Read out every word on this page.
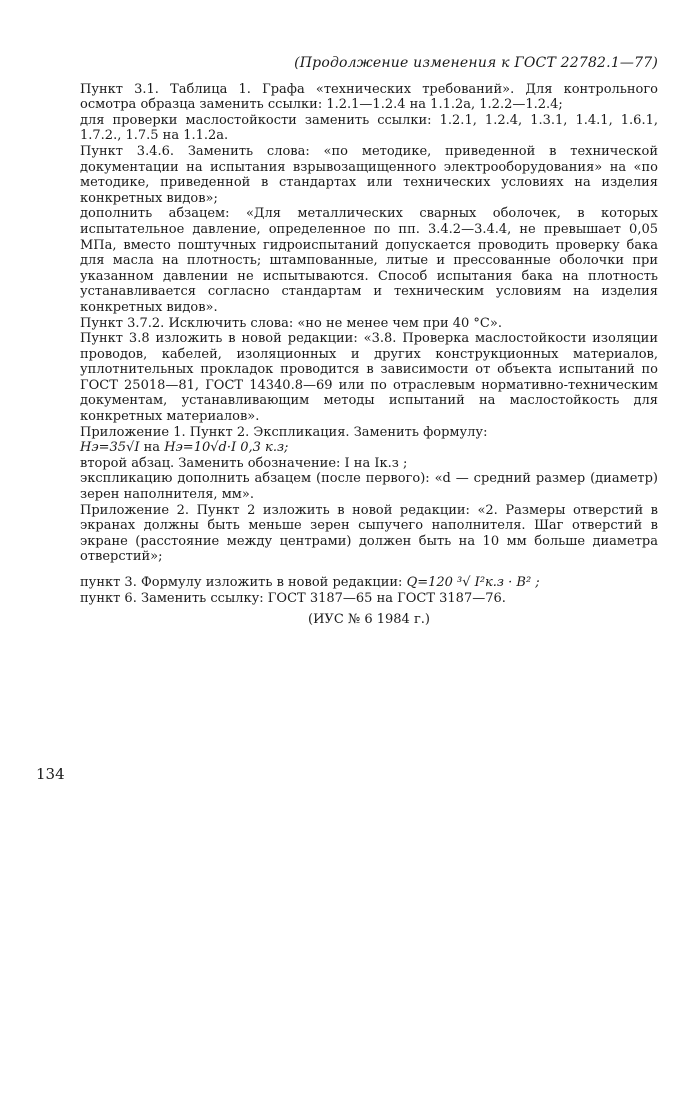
(Продолжение изменения к ГОСТ 22782.1—77)

Пункт 3.1. Таблица 1. Графа «технических требований». Для контрольного осмотра образца заменить ссылки: 1.2.1—1.2.4 на 1.1.2а, 1.2.2—1.2.4;

для проверки маслостойкости заменить ссылки: 1.2.1, 1.2.4, 1.3.1, 1.4.1, 1.6.1, 1.7.2., 1.7.5 на 1.1.2а.

Пункт 3.4.6. Заменить слова: «по методике, приведенной в технической документации на испытания взрывозащищенного электрооборудования» на «по методике, приведенной в стандартах или технических условиях на изделия конкретных видов»;

дополнить абзацем: «Для металлических сварных оболочек, в которых испытательное давление, определенное по пп. 3.4.2—3.4.4, не превышает 0,05 МПа, вместо поштучных гидроиспытаний допускается проводить проверку бака для масла на плотность; штампованные, литые и прессованные оболочки при указанном давлении не испытываются. Способ испытания бака на плотность устанавливается согласно стандартам и техническим условиям на изделия конкретных видов».

Пункт 3.7.2. Исключить слова: «но не менее чем при 40 °С».

Пункт 3.8 изложить в новой редакции: «3.8. Проверка маслостойкости изоляции проводов, кабелей, изоляционных и других конструкционных материалов, уплотнительных прокладок проводится в зависимости от объекта испытаний по ГОСТ 25018—81, ГОСТ 14340.8—69 или по отраслевым нормативно-техническим документам, устанавливающим методы испытаний на маслостойкость для конкретных материалов».

Приложение 1. Пункт 2. Экспликация. Заменить формулу:

Hэ=35√I на Hэ=10√d·I 0,3 к.з;

второй абзац. Заменить обозначение: I на Iк.з ;

экспликацию дополнить абзацем (после первого): «d — средний размер (диаметр) зерен наполнителя, мм».

Приложение 2. Пункт 2 изложить в новой редакции: «2. Размеры отверстий в экранах должны быть меньше зерен сыпучего наполнителя. Шаг отверстий в экране (расстояние между центрами) должен быть на 10 мм больше диаметра отверстий»;

пункт 3. Формулу изложить в новой редакции: Q=120 ³√ I²к.з · B² ;

пункт 6. Заменить ссылку: ГОСТ 3187—65 на ГОСТ 3187—76.

(ИУС № 6 1984 г.)
134
